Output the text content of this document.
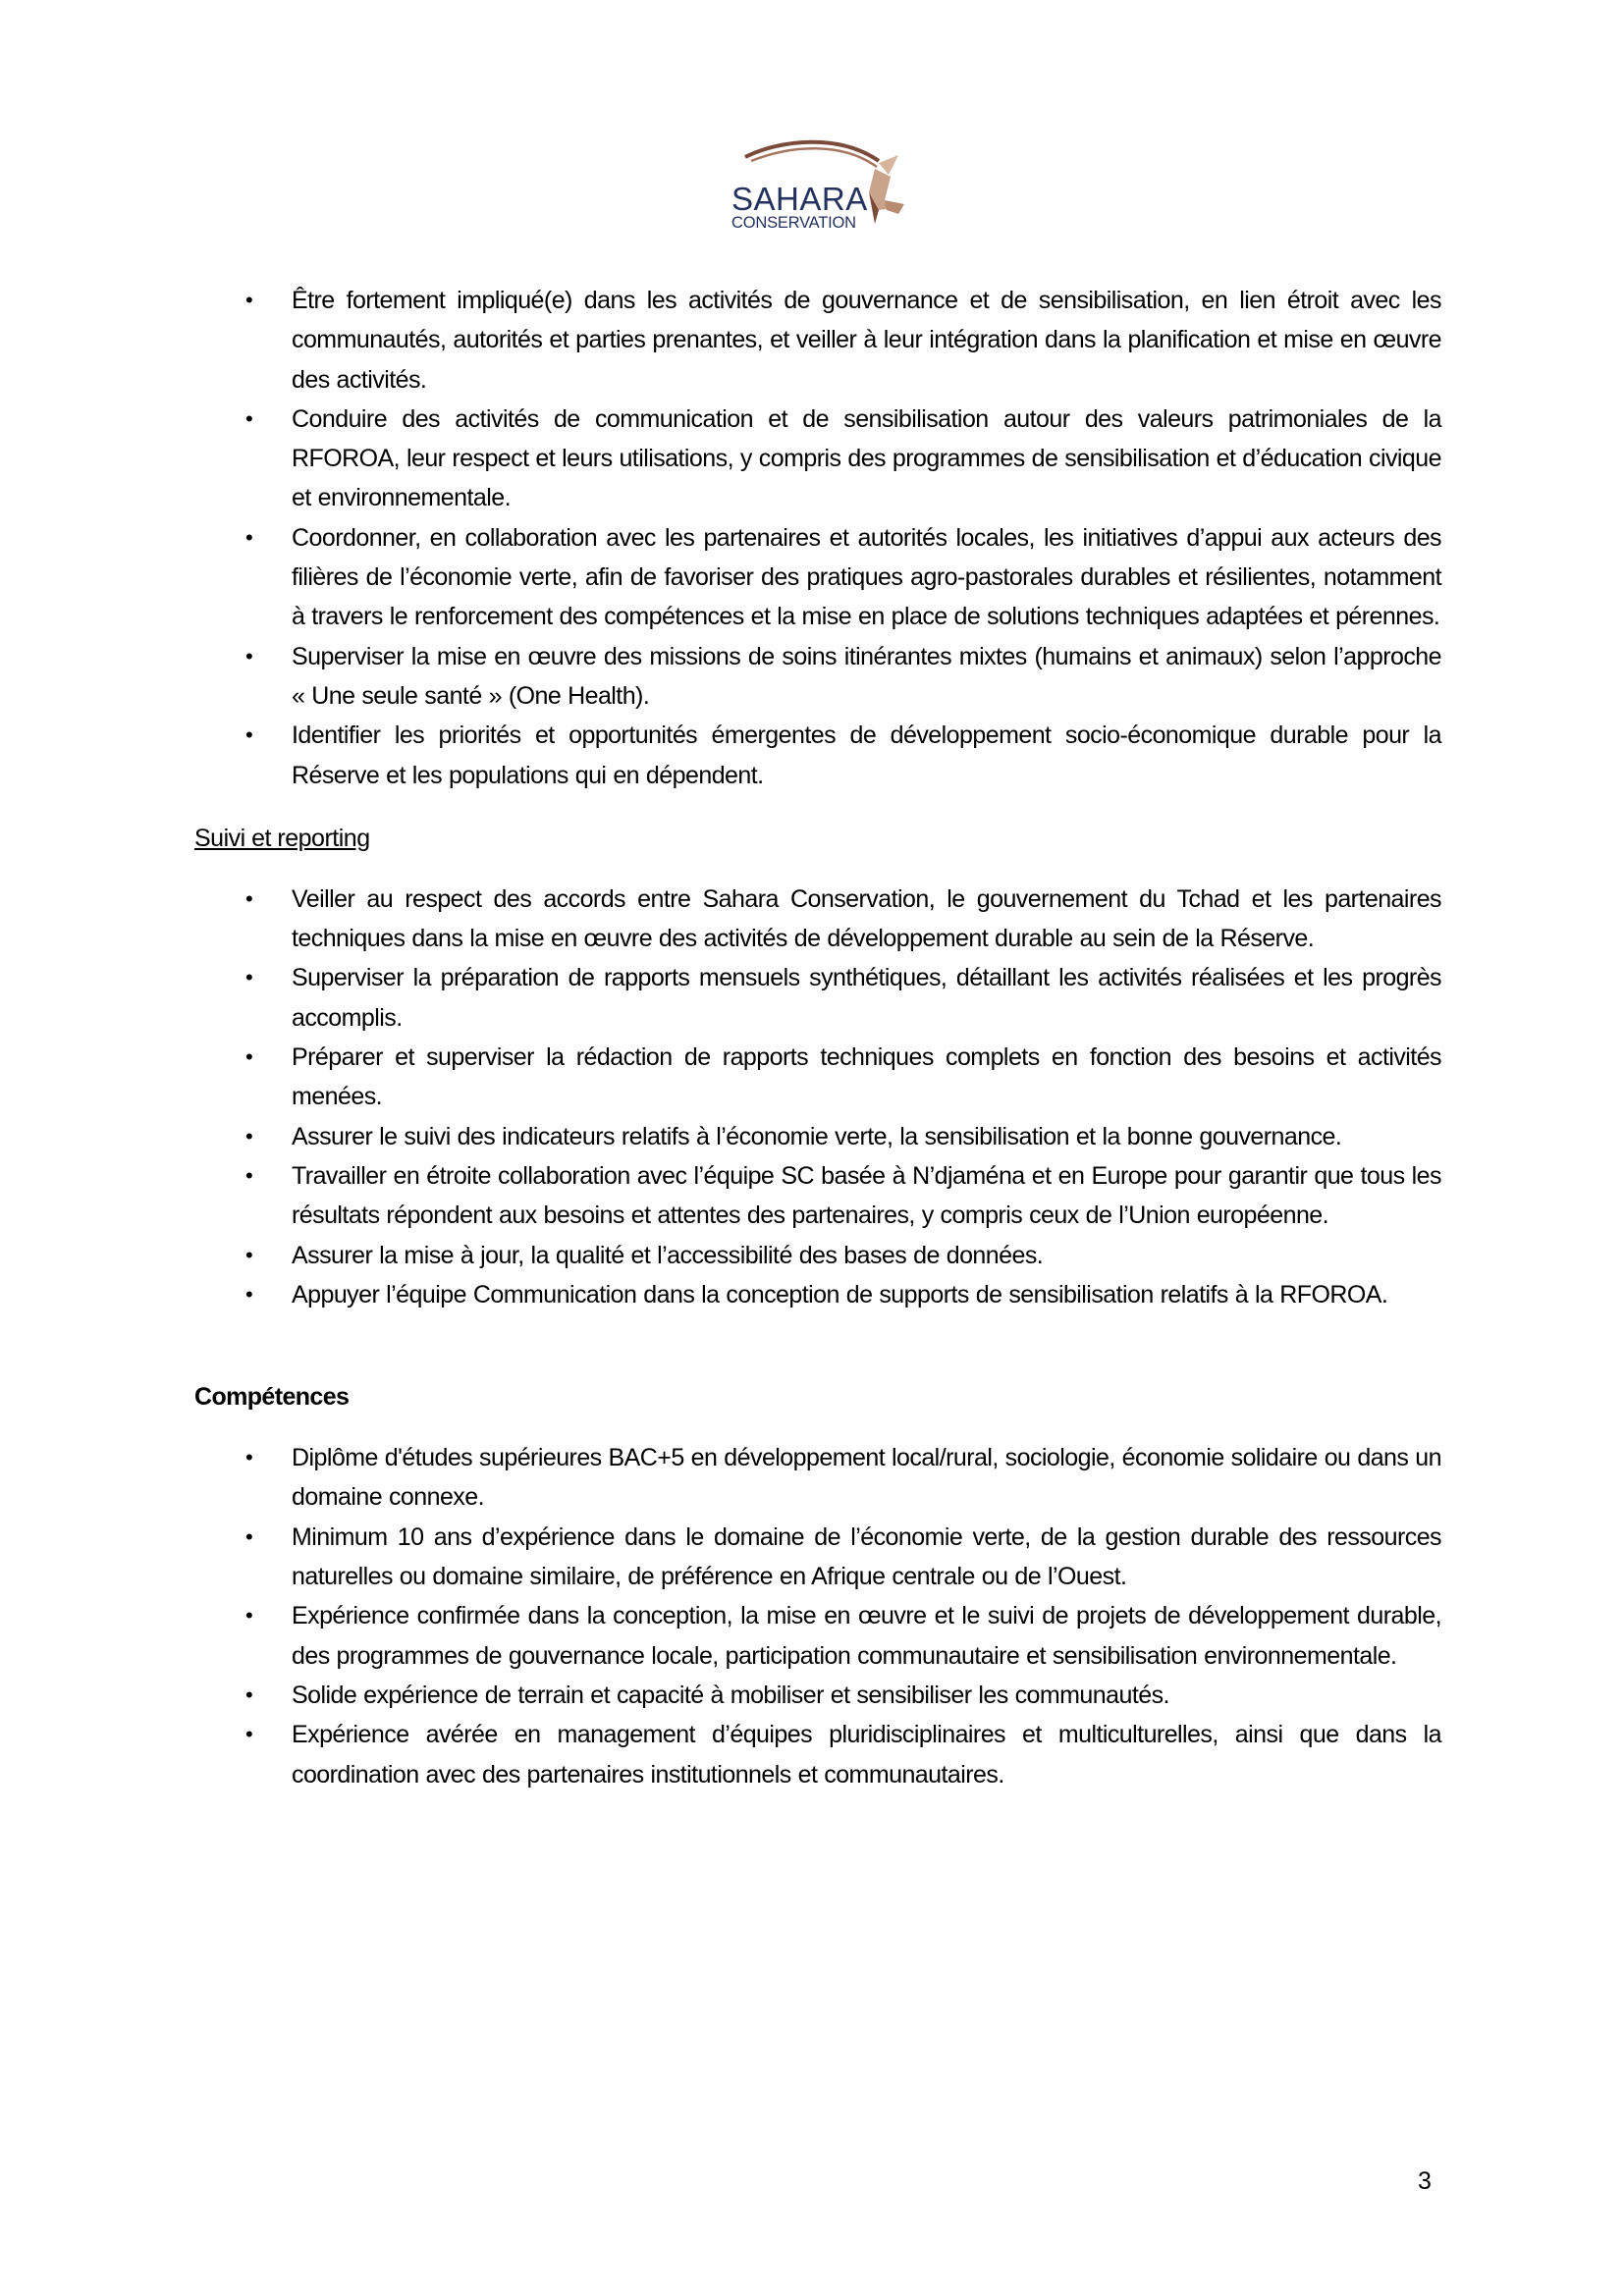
SAHARA
CONSERVATION
• Être fortement impliqué(e) dans les activités de gouvernance et de sensibilisation, en lien étroit avec les communautés, autorités et parties prenantes, et veiller à leur intégration dans la planification et mise en œuvre des activités.
• Conduire des activités de communication et de sensibilisation autour des valeurs patrimoniales de la RFOROA, leur respect et leurs utilisations, y compris des programmes de sensibilisation et d’éducation civique et environnementale.
• Coordonner, en collaboration avec les partenaires et autorités locales, les initiatives d’appui aux acteurs des filières de l’économie verte, afin de favoriser des pratiques agro-pastorales durables et résilientes, notamment à travers le renforcement des compétences et la mise en place de solutions techniques adaptées et pérennes.
• Superviser la mise en œuvre des missions de soins itinérantes mixtes (humains et animaux) selon l’approche « Une seule santé » (One Health).
• Identifier les priorités et opportunités émergentes de développement socio-économique durable pour la Réserve et les populations qui en dépendent.
Suivi et reporting
• Veiller au respect des accords entre Sahara Conservation, le gouvernement du Tchad et les partenaires techniques dans la mise en œuvre des activités de développement durable au sein de la Réserve.
• Superviser la préparation de rapports mensuels synthétiques, détaillant les activités réalisées et les progrès accomplis.
• Préparer et superviser la rédaction de rapports techniques complets en fonction des besoins et activités menées.
• Assurer le suivi des indicateurs relatifs à l’économie verte, la sensibilisation et la bonne gouvernance.
• Travailler en étroite collaboration avec l’équipe SC basée à N’djaména et en Europe pour garantir que tous les résultats répondent aux besoins et attentes des partenaires, y compris ceux de l’Union européenne.
• Assurer la mise à jour, la qualité et l’accessibilité des bases de données.
• Appuyer l’équipe Communication dans la conception de supports de sensibilisation relatifs à la RFOROA.
Compétences
• Diplôme d'études supérieures BAC+5 en développement local/rural, sociologie, économie solidaire ou dans un domaine connexe.
• Minimum 10 ans d’expérience dans le domaine de l’économie verte, de la gestion durable des ressources naturelles ou domaine similaire, de préférence en Afrique centrale ou de l’Ouest.
• Expérience confirmée dans la conception, la mise en œuvre et le suivi de projets de développement durable, des programmes de gouvernance locale, participation communautaire et sensibilisation environnementale.
• Solide expérience de terrain et capacité à mobiliser et sensibiliser les communautés.
• Expérience avérée en management d’équipes pluridisciplinaires et multiculturelles, ainsi que dans la coordination avec des partenaires institutionnels et communautaires.
3
